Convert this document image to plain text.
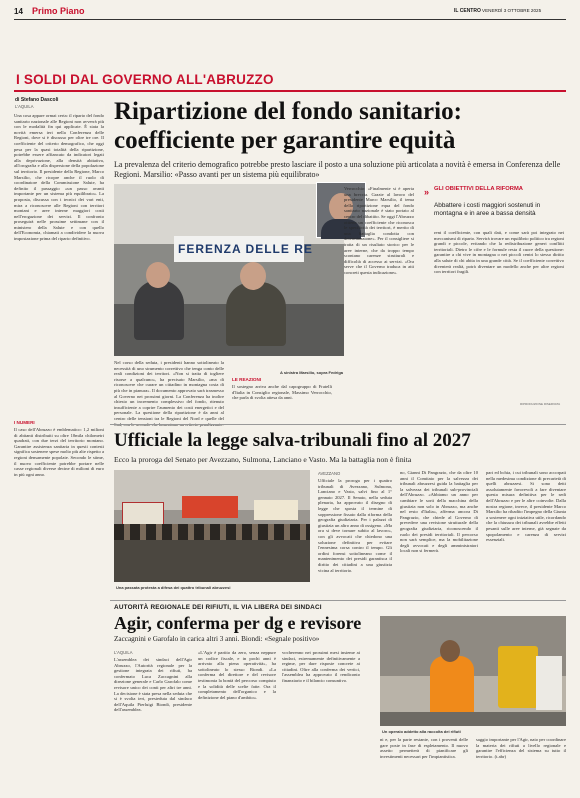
14 Primo Piano	IL CENTRO VENERDÌ 3 OTTOBRE 2025
I SOLDI DAL GOVERNO ALL'ABRUZZO
di Stefano Dascoli
L'AQUILA	Ripartizione del fondo sanitario:
coefficiente per garantire equità
La prevalenza del criterio demografico potrebbe presto lasciare il posto a una soluzione più articolata a novità è emersa in Conferenza delle Regioni. Marsilio: «Passo avanti per un sistema più equilibrato»

Una cosa appare ormai certa: il riparto del fondo sanitario nazionale alle Regioni non avverrà più con le modalità fin qui applicate. È stata la novità emersa ieri nella Conferenza delle Regioni, dove si è discusso per oltre tre ore. Il coefficiente del criterio demografico, che oggi pesa per la quasi totalità della ripartizione, potrebbe essere affiancato da indicatori legati alla deprivazione, alla densità abitativa, all'orografia e alla dispersione della popolazione sul territorio. Il presidente della Regione, Marco Marsilio, che ricopre anche il ruolo di coordinatore della Commissione Salute, ha definito il passaggio «un passo avanti importante per un sistema più equilibrato». La proposta, discussa con i tecnici dei vari enti, mira a riconoscere alle Regioni con territori montani e aree interne maggiori costi nell'erogazione dei servizi. Il confronto proseguirà nelle prossime settimane con il ministero della Salute e con quello dell'Economia, chiamati a condividere la nuova impostazione prima del riparto definitivo.

I NUMERI

Il caso dell'Abruzzo è emblematico: 1,2 milioni di abitanti distribuiti su oltre 10mila chilometri quadrati, con due terzi del territorio montano. Garantire assistenza sanitaria in questi contesti significa sostenere spese molto più alte rispetto a regioni densamente popolate. Secondo le stime, il nuovo coefficiente potrebbe portare nelle casse regionali diverse decine di milioni di euro in più ogni anno.

FERENZA DELLE RE
A sinistra Marsilio, sopra Fedriga

Nel corso della seduta, i presidenti hanno sottolineato la necessità di uno strumento correttivo che tenga conto delle reali condizioni dei territori. «Non si tratta di togliere risorse a qualcuno», ha precisato Marsilio, «ma di riconoscere che curare un cittadino in montagna costa di più che in pianura». Il documento approvato sarà trasmesso al Governo nei prossimi giorni. La Conferenza ha inoltre chiesto un incremento complessivo del fondo, ritenuto insufficiente a coprire l'aumento dei costi energetici e del personale. La questione della ripartizione è da anni al centro delle tensioni tra le Regioni del Nord e quelle del

Il sostegno arriva anche dal capogruppo di Fratelli d'Italia in Consiglio regionale, Massimo Verrocchio, che parla di svolta attesa da anni.

LE REAZIONI

Verrocchio: «Finalmente si è aperta una breccia. Grazie al lavoro del presidente Marco Marsilio, il tema della ripartizione equa del fondo sanitario nazionale è stato portato al centro del dibattito. Se oggi l'Abruzzo ottiene un coefficiente che riconosca le specificità dei territori, è merito di una battaglia condotta con determinazione». Per il consigliere si tratta di un risultato storico per le aree interne, che da troppo tempo scontano carenze strutturali e difficoltà di accesso ai servizi. «Ora serve che il Governo traduca in atti concreti questa indicazione».

» GLI OBIETTIVI DELLA RIFORMA
Abbattere i costi maggiori sostenuti in montagna e in aree a bassa densità

rent il coefficiente, con quali dati, e come sarà poi integrato nei meccanismi di riparto. Servirà trovare un equilibrio politico tra regioni grandi e piccole, evitando che la redistribuzione generi conflitti territoriali. Dietro le cifre e le formule resta il cuore della questione: garantire a chi vive in montagna o nei piccoli centri lo stesso diritto alla salute di chi abita in una grande città. Se il coefficiente correttivo diventerà realtà, potrà diventare un modello anche per altre regioni con territori fragili.

RIPRODUZIONE RISERVATA
Ufficiale la legge salva-tribunali fino al 2027
Ecco la proroga del Senato per Avezzano, Sulmona, Lanciano e Vasto. Ma la battaglia non è finita
Una passata protesta a difesa dei quattro tribunali abruzzesi
AVEZZANO

Ufficiale la proroga per i quattro tribunali di Avezzano, Sulmona, Lanciano e Vasto, salvi fino al 1° gennaio 2027. Il Senato, nella seduta plenaria, ha approvato il disegno di legge che sposta il termine di soppressione fissato dalla riforma della geografia giudiziaria. Per i palazzi di giustizia un altro anno di ossigeno. «Ma ora si deve tornare subito al lavoro», con gli avvocati che chiedono una soluzione definitiva per evitare l'ennesima corsa contro il tempo. Gli ordini forensi sottolineano come il mantenimento dei presidi garantisca il diritto dei cittadini a una giustizia vicina al territorio.

no, Gianni Di Pangrazio, che da oltre 10 anni il Comitato per la salvezza dei tribunali abruzzesi guida la battaglia per la salvezza dei tribunali sub-provinciali dell'Abruzzo. «Abbiamo un anno per cambiare le sorti della macchina della giustizia non solo in Abruzzo, ma anche nel resto d'Italia», afferma ancora Di Pangrazio, che chiede al Governo di prevedere una revisione strutturale della geografia giudiziaria, riconoscendo il ruolo dei presidi territoriali. Il percorso non sarà semplice, ma la mobilitazione degli avvocati e degli amministratori locali non si fermerà.

pari ed bchia, i cui tribunali sono accorpati nella medesima condizione di precarietà di quelli abruzzesi. Si sono detti assolutamente favorevoli a fare diventare questa misura definitiva per le sedi dell'Abruzzo e per le altre coinvolte. Dalla nostra regione, invece, il presidente Marco Marsilio ha ribadito l'impegno della Giunta a sostenere ogni iniziativa utile, ricordando che la chiusura dei tribunali avrebbe effetti pesanti sulle aree interne, già segnate da spopolamento e carenza di servizi essenziali.

AUTORITÀ REGIONALE DEI RIFIUTI, IL VIA LIBERA DEI SINDACI
Agir, conferma per dg e revisore
Zaccagnini e Garofalo in carica altri 3 anni. Biondi: «Segnale positivo»
L'AQUILA

L'assemblea dei sindaci dell'Agir Abruzzo, l'Autorità regionale per la gestione integrata dei rifiuti, ha confermato Luca Zaccagnini alla direzione generale e Carlo Garofalo come revisore unico dei conti per altri tre anni. La decisione è stata presa nella seduta che si è svolta ieri, presieduta dal sindaco dell'Aquila Pierluigi Biondi, presidente dell'assemblea.

«L'Agir è partito da zero, senza neppure un codice fiscale, e in pochi anni è arrivato alla piena operatività», ha sottolineato lo stesso Biondi. «La conferma del direttore e del revisore testimonia la bontà del percorso compiuto e la solidità delle scelte fatte. Ora il completamento dell'organico e la definizione del piano d'ambito».

vocherenno nei prossimi mesi insieme ai sindaci, estremamente definitivamente a regime, per dare risposte concrete ai cittadini. Oltre alla conferma dei vertici, l'assemblea ha approvato il rendiconto finanziario e il bilancio consuntivo.

Un operaio addetto alla raccolta dei rifiuti

ni e, per la parte restante, con i proventi delle gare poste in fase di espletamento. Il nuovo assetto permetterà di pianificare gli investimenti necessari per l'impiantistica.

saggio importante per l'Agir, nato per coordinare la materia dei rifiuti a livello regionale e garantire l'efficienza del sistema su tutto il territorio. (t.abr)
